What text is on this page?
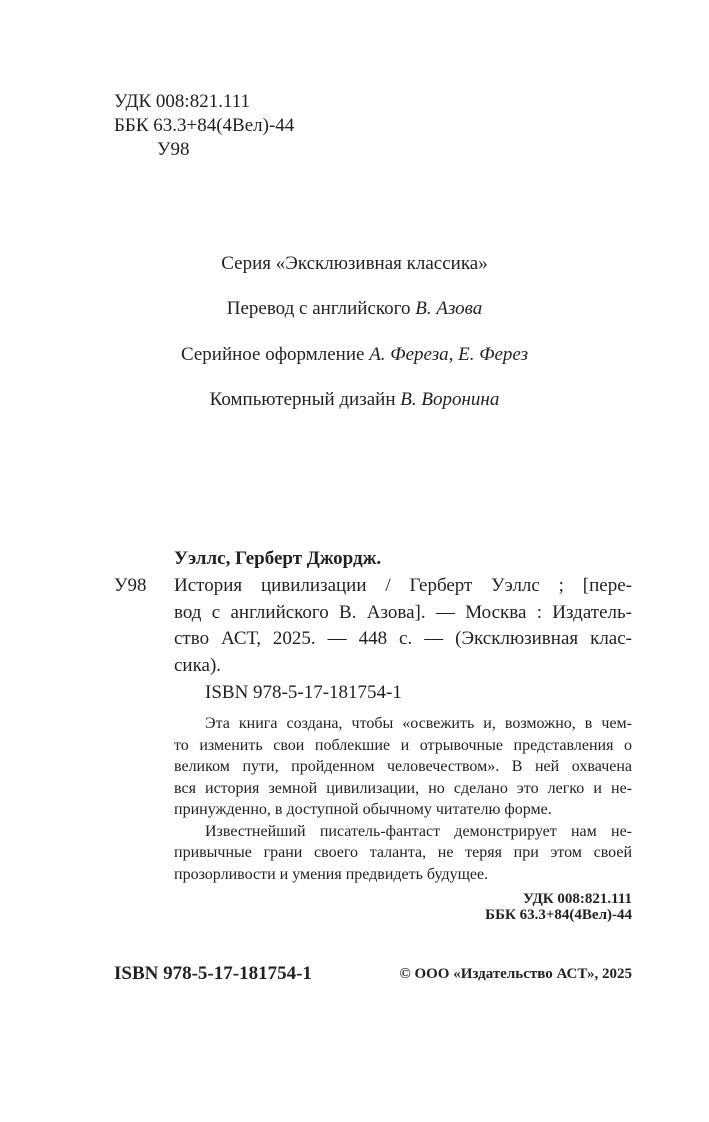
УДК 008:821.111
ББК 63.3+84(4Вел)-44
У98
Серия «Эксклюзивная классика»
Перевод с английского В. Азова
Серийное оформление А. Фереза, Е. Ферез
Компьютерный дизайн В. Воронина
Уэллс, Герберт Джордж.
У98 История цивилизации / Герберт Уэллс ; [пере-
вод с английского В. Азова]. — Москва : Издатель-
ство АСТ, 2025. — 448 с. — (Эксклюзивная клас-
сика).
ISBN 978-5-17-181754-1
Эта книга создана, чтобы «освежить и, возможно, в чем-
то изменить свои поблекшие и отрывочные представления о
великом пути, пройденном человечеством». В ней охвачена
вся история земной цивилизации, но сделано это легко и не-
принужденно, в доступной обычному читателю форме.
Известнейший писатель-фантаст демонстрирует нам не-
привычные грани своего таланта, не теряя при этом своей
прозорливости и умения предвидеть будущее.
УДК 008:821.111
ББК 63.3+84(4Вел)-44
ISBN 978-5-17-181754-1	© ООО «Издательство АСТ», 2025
